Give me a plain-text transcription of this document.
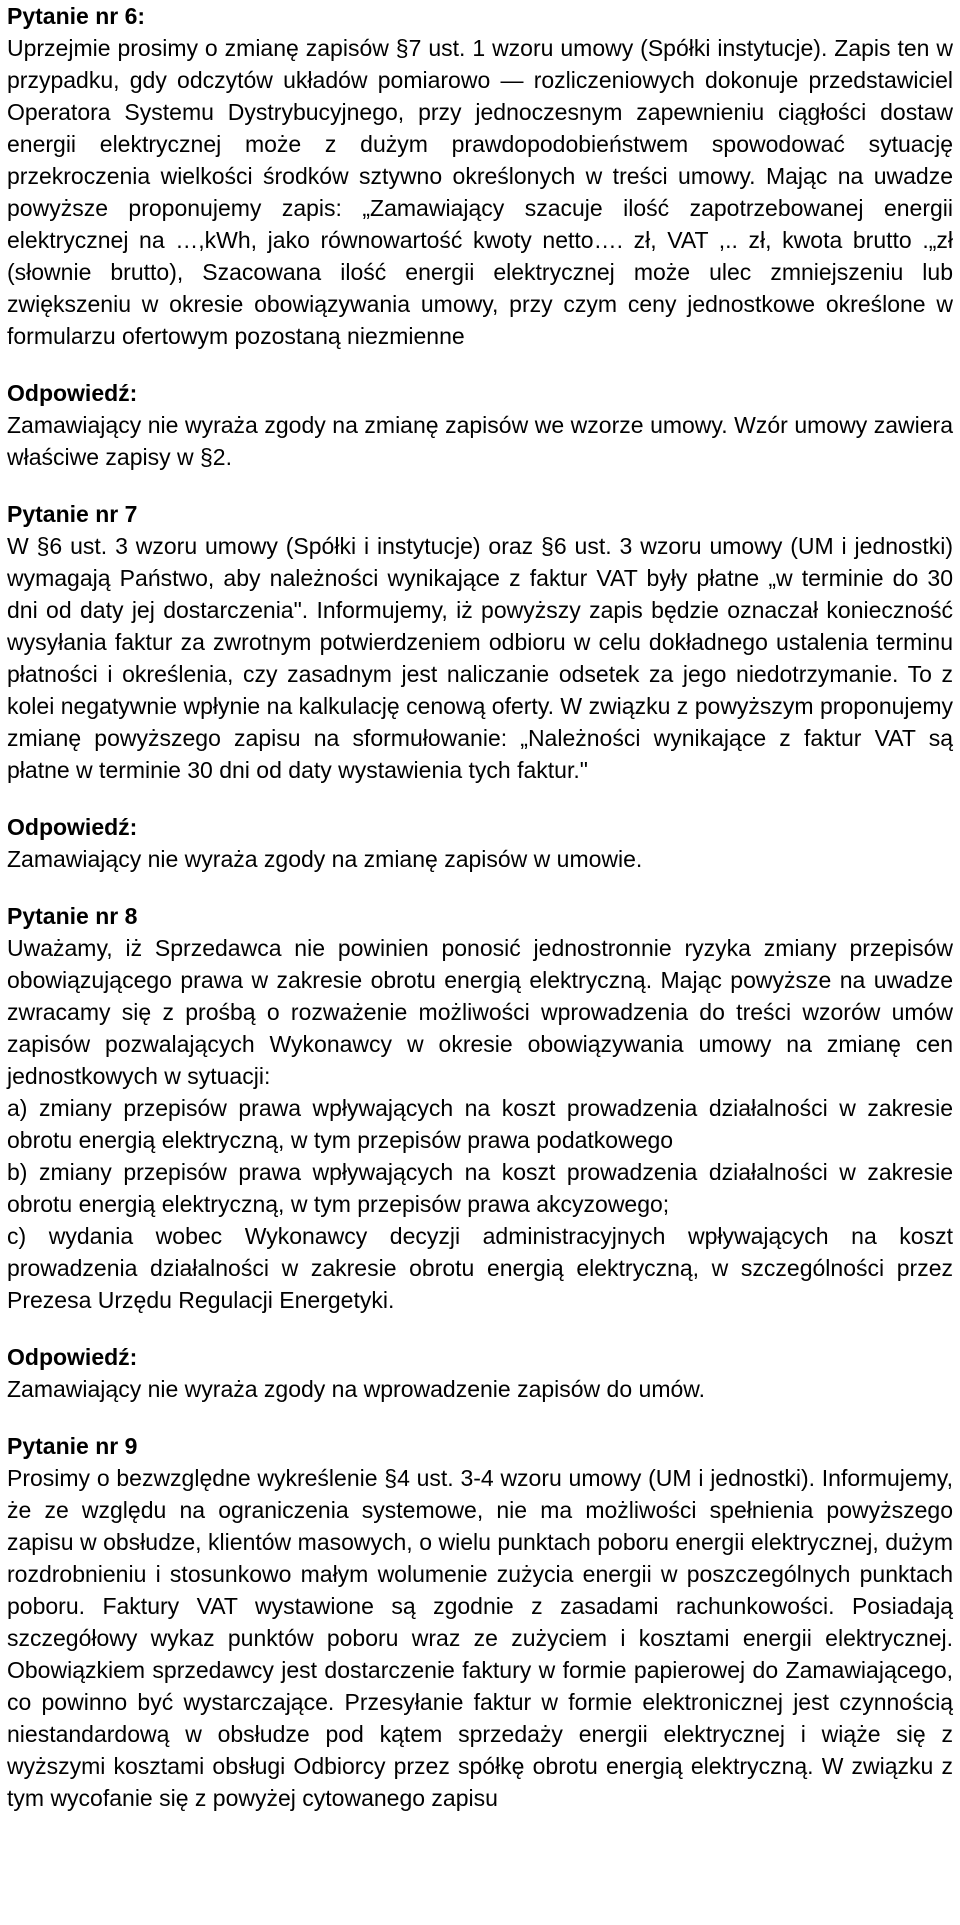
Pytanie nr 6:

Uprzejmie prosimy o zmianę zapisów §7 ust. 1 wzoru umowy (Spółki instytucje). Zapis ten w przypadku, gdy odczytów układów pomiarowo — rozliczeniowych dokonuje przedstawiciel Operatora Systemu Dystrybucyjnego, przy jednoczesnym zapewnieniu ciągłości dostaw energii elektrycznej może z dużym prawdopodobieństwem spowodować sytuację przekroczenia wielkości środków sztywno określonych w treści umowy. Mając na uwadze powyższe proponujemy zapis: „Zamawiający szacuje ilość zapotrzebowanej energii elektrycznej na …,kWh, jako równowartość kwoty netto…. zł, VAT ,.. zł, kwota brutto .„zł (słownie brutto), Szacowana ilość energii elektrycznej może ulec zmniejszeniu lub zwiększeniu w okresie obowiązywania umowy, przy czym ceny jednostkowe określone w formularzu ofertowym pozostaną niezmienne

Odpowiedź:

Zamawiający nie wyraża zgody na zmianę zapisów we wzorze umowy. Wzór umowy zawiera właściwe zapisy w §2.

Pytanie nr 7

W §6 ust. 3 wzoru umowy (Spółki i instytucje) oraz §6 ust. 3 wzoru umowy (UM i jednostki) wymagają Państwo, aby należności wynikające z faktur VAT były płatne „w terminie do 30 dni od daty jej dostarczenia". Informujemy, iż powyższy zapis będzie oznaczał konieczność wysyłania faktur za zwrotnym potwierdzeniem odbioru w celu dokładnego ustalenia terminu płatności i określenia, czy zasadnym jest naliczanie odsetek za jego niedotrzymanie. To z kolei negatywnie wpłynie na kalkulację cenową oferty. W związku z powyższym proponujemy zmianę powyższego zapisu na sformułowanie: „Należności wynikające z faktur VAT są płatne w terminie 30 dni od daty wystawienia tych faktur."

Odpowiedź:

Zamawiający nie wyraża zgody na zmianę zapisów w umowie.

Pytanie nr 8

Uważamy, iż Sprzedawca nie powinien ponosić jednostronnie ryzyka zmiany przepisów obowiązującego prawa w zakresie obrotu energią elektryczną. Mając powyższe na uwadze zwracamy się z prośbą o rozważenie możliwości wprowadzenia do treści wzorów umów zapisów pozwalających Wykonawcy w okresie obowiązywania umowy na zmianę cen jednostkowych w sytuacji:

a) zmiany przepisów prawa wpływających na koszt prowadzenia działalności w zakresie obrotu energią elektryczną, w tym przepisów prawa podatkowego

b) zmiany przepisów prawa wpływających na koszt prowadzenia działalności w zakresie obrotu energią elektryczną, w tym przepisów prawa akcyzowego;

c) wydania wobec Wykonawcy decyzji administracyjnych wpływających na koszt prowadzenia działalności w zakresie obrotu energią elektryczną, w szczególności przez Prezesa Urzędu Regulacji Energetyki.

Odpowiedź:

Zamawiający nie wyraża zgody na wprowadzenie zapisów do umów.

Pytanie nr 9

Prosimy o bezwzględne wykreślenie §4 ust. 3-4 wzoru umowy (UM i jednostki). Informujemy, że ze względu na ograniczenia systemowe, nie ma możliwości spełnienia powyższego zapisu w obsłudze, klientów masowych, o wielu punktach poboru energii elektrycznej, dużym rozdrobnieniu i stosunkowo małym wolumenie zużycia energii w poszczególnych punktach poboru. Faktury VAT wystawione są zgodnie z zasadami rachunkowości. Posiadają szczegółowy wykaz punktów poboru wraz ze zużyciem i kosztami energii elektrycznej. Obowiązkiem sprzedawcy jest dostarczenie faktury w formie papierowej do Zamawiającego, co powinno być wystarczające. Przesyłanie faktur w formie elektronicznej jest czynnością niestandardową w obsłudze pod kątem sprzedaży energii elektrycznej i wiąże się z wyższymi kosztami obsługi Odbiorcy przez spółkę obrotu energią elektryczną. W związku z tym wycofanie się z powyżej cytowanego zapisu
